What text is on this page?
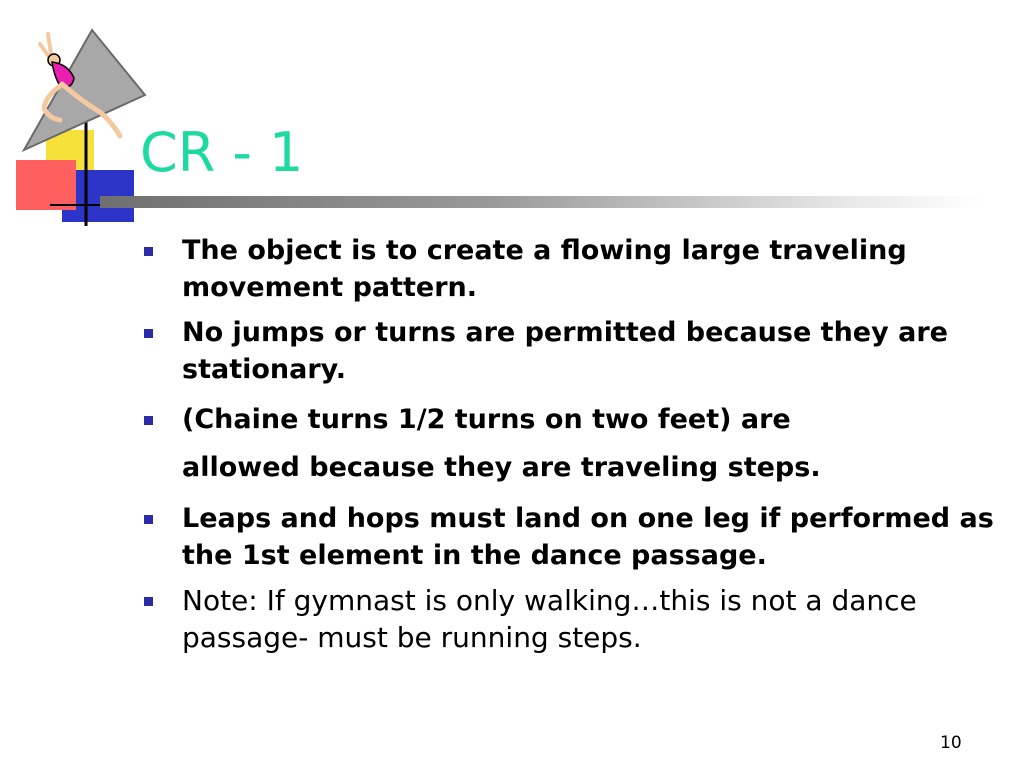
CR - 1
The object is to create a flowing large traveling movement pattern.
No jumps or turns are permitted because they are stationary.
(Chaine turns 1/2 turns on two feet) are
allowed because they are traveling steps.
Leaps and hops must land on one leg if performed as the 1st element in the dance passage.
Note: If gymnast is only walking…this is not a dance passage- must be running steps.
10
